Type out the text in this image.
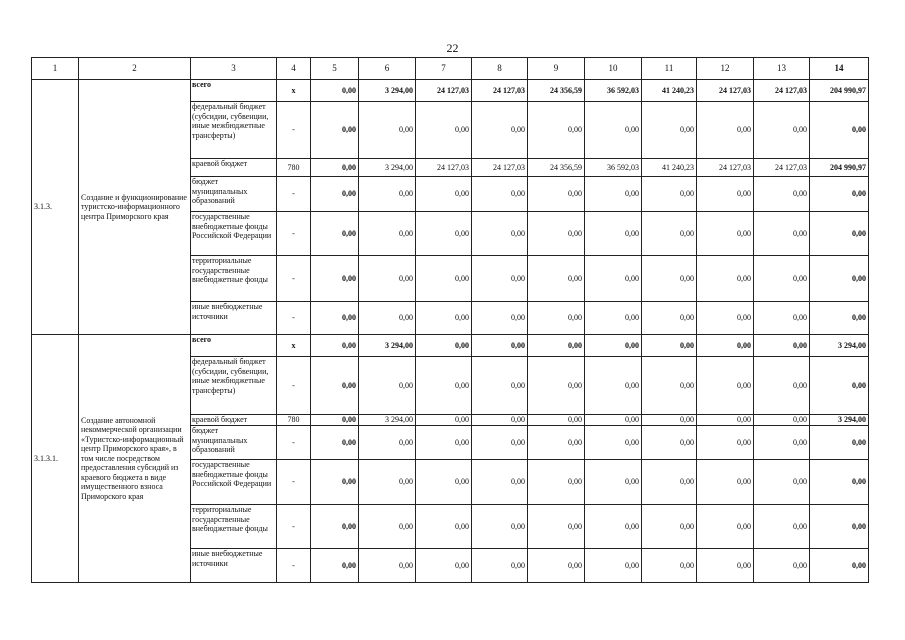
22
1	2	3	4	5	6	7	8	9	10	11	12	13	14
3.1.3.	Создание и функционирование туристско-информационного центра Приморского края	всего	х	0,00	3 294,00	24 127,03	24 127,03	24 356,59	36 592,03	41 240,23	24 127,03	24 127,03	204 990,97
		федеральный бюджет (субсидии, субвенции, иные межбюджетные трансферты)	-	0,00	0,00	0,00	0,00	0,00	0,00	0,00	0,00	0,00	0,00
		краевой бюджет	780	0,00	3 294,00	24 127,03	24 127,03	24 356,59	36 592,03	41 240,23	24 127,03	24 127,03	204 990,97
		бюджет муниципальных образований	-	0,00	0,00	0,00	0,00	0,00	0,00	0,00	0,00	0,00	0,00
		государственные внебюджетные фонды Российской Федерации	-	0,00	0,00	0,00	0,00	0,00	0,00	0,00	0,00	0,00	0,00
		территориальные государственные внебюджетные фонды	-	0,00	0,00	0,00	0,00	0,00	0,00	0,00	0,00	0,00	0,00
		иные внебюджетные источники	-	0,00	0,00	0,00	0,00	0,00	0,00	0,00	0,00	0,00	0,00
3.1.3.1.	Создание автономной некоммерческой организации «Туристско-информационный центр Приморского края», в том числе посредством предоставления субсидий из краевого бюджета в виде имущественного взноса Приморского края	всего	х	0,00	3 294,00	0,00	0,00	0,00	0,00	0,00	0,00	0,00	3 294,00
		федеральный бюджет (субсидии, субвенции, иные межбюджетные трансферты)	-	0,00	0,00	0,00	0,00	0,00	0,00	0,00	0,00	0,00	0,00
		краевой бюджет	780	0,00	3 294,00	0,00	0,00	0,00	0,00	0,00	0,00	0,00	3 294,00
		бюджет муниципальных образований	-	0,00	0,00	0,00	0,00	0,00	0,00	0,00	0,00	0,00	0,00
		государственные внебюджетные фонды Российской Федерации	-	0,00	0,00	0,00	0,00	0,00	0,00	0,00	0,00	0,00	0,00
		территориальные государственные внебюджетные фонды	-	0,00	0,00	0,00	0,00	0,00	0,00	0,00	0,00	0,00	0,00
		иные внебюджетные источники	-	0,00	0,00	0,00	0,00	0,00	0,00	0,00	0,00	0,00	0,00
